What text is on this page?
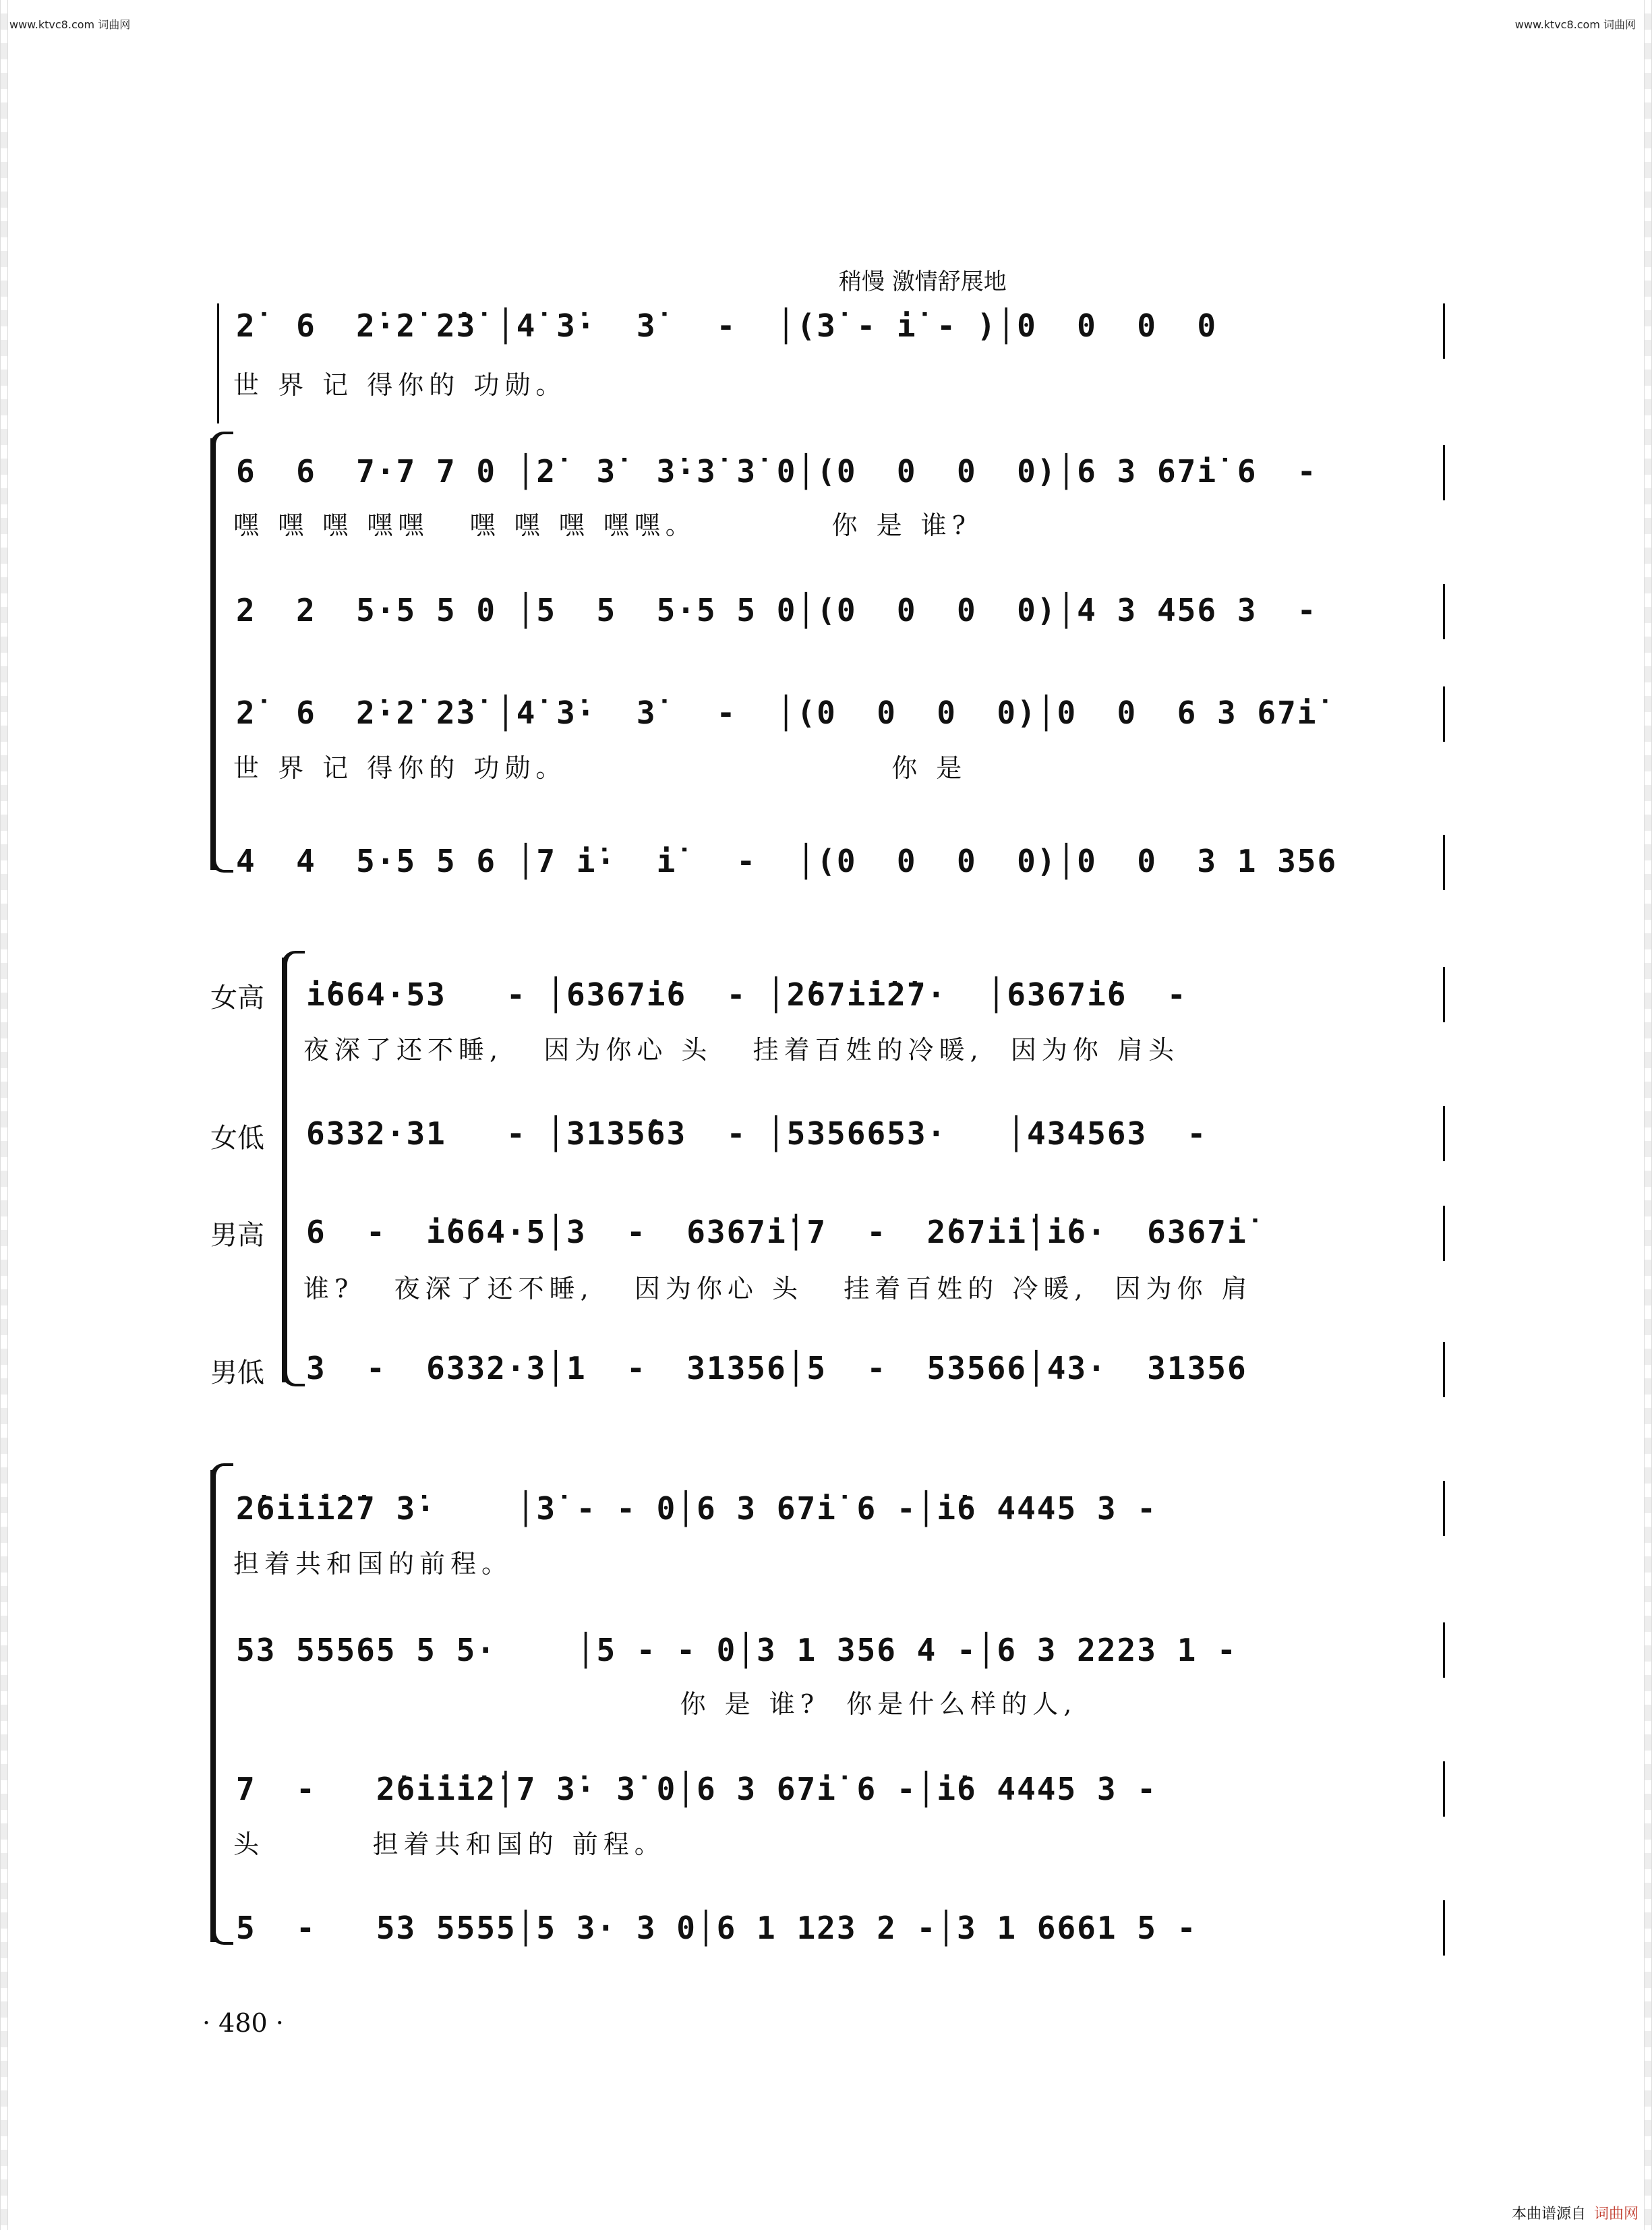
www.ktvc8.com 词曲网	www.ktvc8.com 词曲网
稍慢 激情舒展地
2̇  6  2̇·2̇ 2̇3̇ │4̇ 3̇·  3̇   -  │(3̇ - i̇ - )│0  0  0  0
世 界 记 得你的 功勋。
6  6  7·7 7 0 │2̇  3̇  3̇·3̇ 3̇ 0│(0  0  0  0)│6 3 67i̇ 6  -
嘿 嘿 嘿 嘿嘿   嘿 嘿 嘿 嘿嘿。          你 是 谁?
2  2  5·5 5 0 │5  5  5·5 5 0│(0  0  0  0)│4 3 456 3  -
2̇  6  2̇·2̇ 2̇3̇ │4̇ 3̇·  3̇   -  │(0  0  0  0)│0  0  6 3 67i̇
世 界 记 得你的 功勋。                        你 是
4  4  5·5 5 6 │7 i̇·  i̇   -  │(0  0  0  0)│0  0  3 1 356
女高
女低
男高
男低
i̇664·53   - │6367i̇6  - │2̇67i̇i̇2̇7·  │6367i̇6  -
夜深了还不睡,   因为你心 头   挂着百姓的冷暖,  因为你 肩头
6332·31   - │3135̂63  - │5356653·   │434563  -
6  -  i̇664·5│3  -  6367i̇│7  -  2̇67i̇i̇│i̇6·  6367i̇
谁?   夜深了还不睡,   因为你心 头   挂着百姓的 冷暖,  因为你 肩
3  -  6332·3│1  -  31356│5  -  53566│43·  31356
2̇6i̇i̇i̇2̇7 3̇·    │3̇ - - 0│6 3 67i̇ 6 -│i̇6 4445 3 -
担着共和国的前程。
53 55565 5 5·    │5 - - 0│3 1 356 4 -│6 3 2223 1 -
你 是 谁?  你是什么样的人,
7  -   2̇6i̇i̇i̇2̇│7 3̇· 3̇ 0│6 3 67i̇ 6 -│i̇6 4445 3 -
头        担着共和国的 前程。
5  -   53 5555│5 3· 3 0│6 1 123 2 -│3 1 6661 5 -
· 480 ·
本曲谱源自 词曲网
